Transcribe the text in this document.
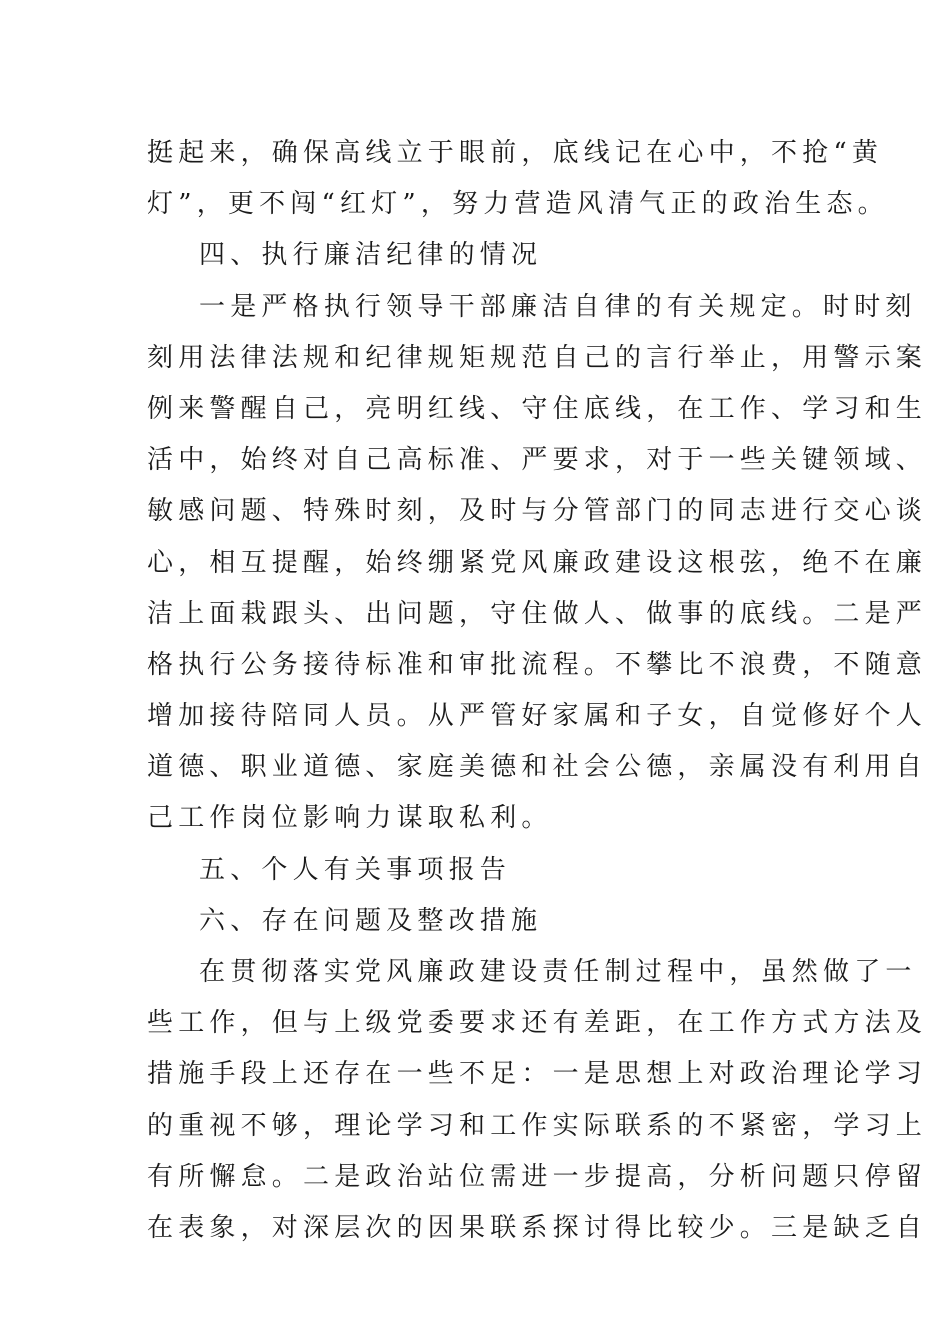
挺起来，确保高线立于眼前，底线记在心中，不抢“黄
灯”，更不闯“红灯”，努力营造风清气正的政治生态。
四、执行廉洁纪律的情况
一是严格执行领导干部廉洁自律的有关规定。时时刻
刻用法律法规和纪律规矩规范自己的言行举止，用警示案
例来警醒自己，亮明红线、守住底线，在工作、学习和生
活中，始终对自己高标准、严要求，对于一些关键领域、
敏感问题、特殊时刻，及时与分管部门的同志进行交心谈
心，相互提醒，始终绷紧党风廉政建设这根弦，绝不在廉
洁上面栽跟头、出问题，守住做人、做事的底线。二是严
格执行公务接待标准和审批流程。不攀比不浪费，不随意
增加接待陪同人员。从严管好家属和子女，自觉修好个人
道德、职业道德、家庭美德和社会公德，亲属没有利用自
己工作岗位影响力谋取私利。
五、个人有关事项报告
六、存在问题及整改措施
在贯彻落实党风廉政建设责任制过程中，虽然做了一
些工作，但与上级党委要求还有差距，在工作方式方法及
措施手段上还存在一些不足：一是思想上对政治理论学习
的重视不够，理论学习和工作实际联系的不紧密，学习上
有所懈怠。二是政治站位需进一步提高，分析问题只停留
在表象，对深层次的因果联系探讨得比较少。三是缺乏自
